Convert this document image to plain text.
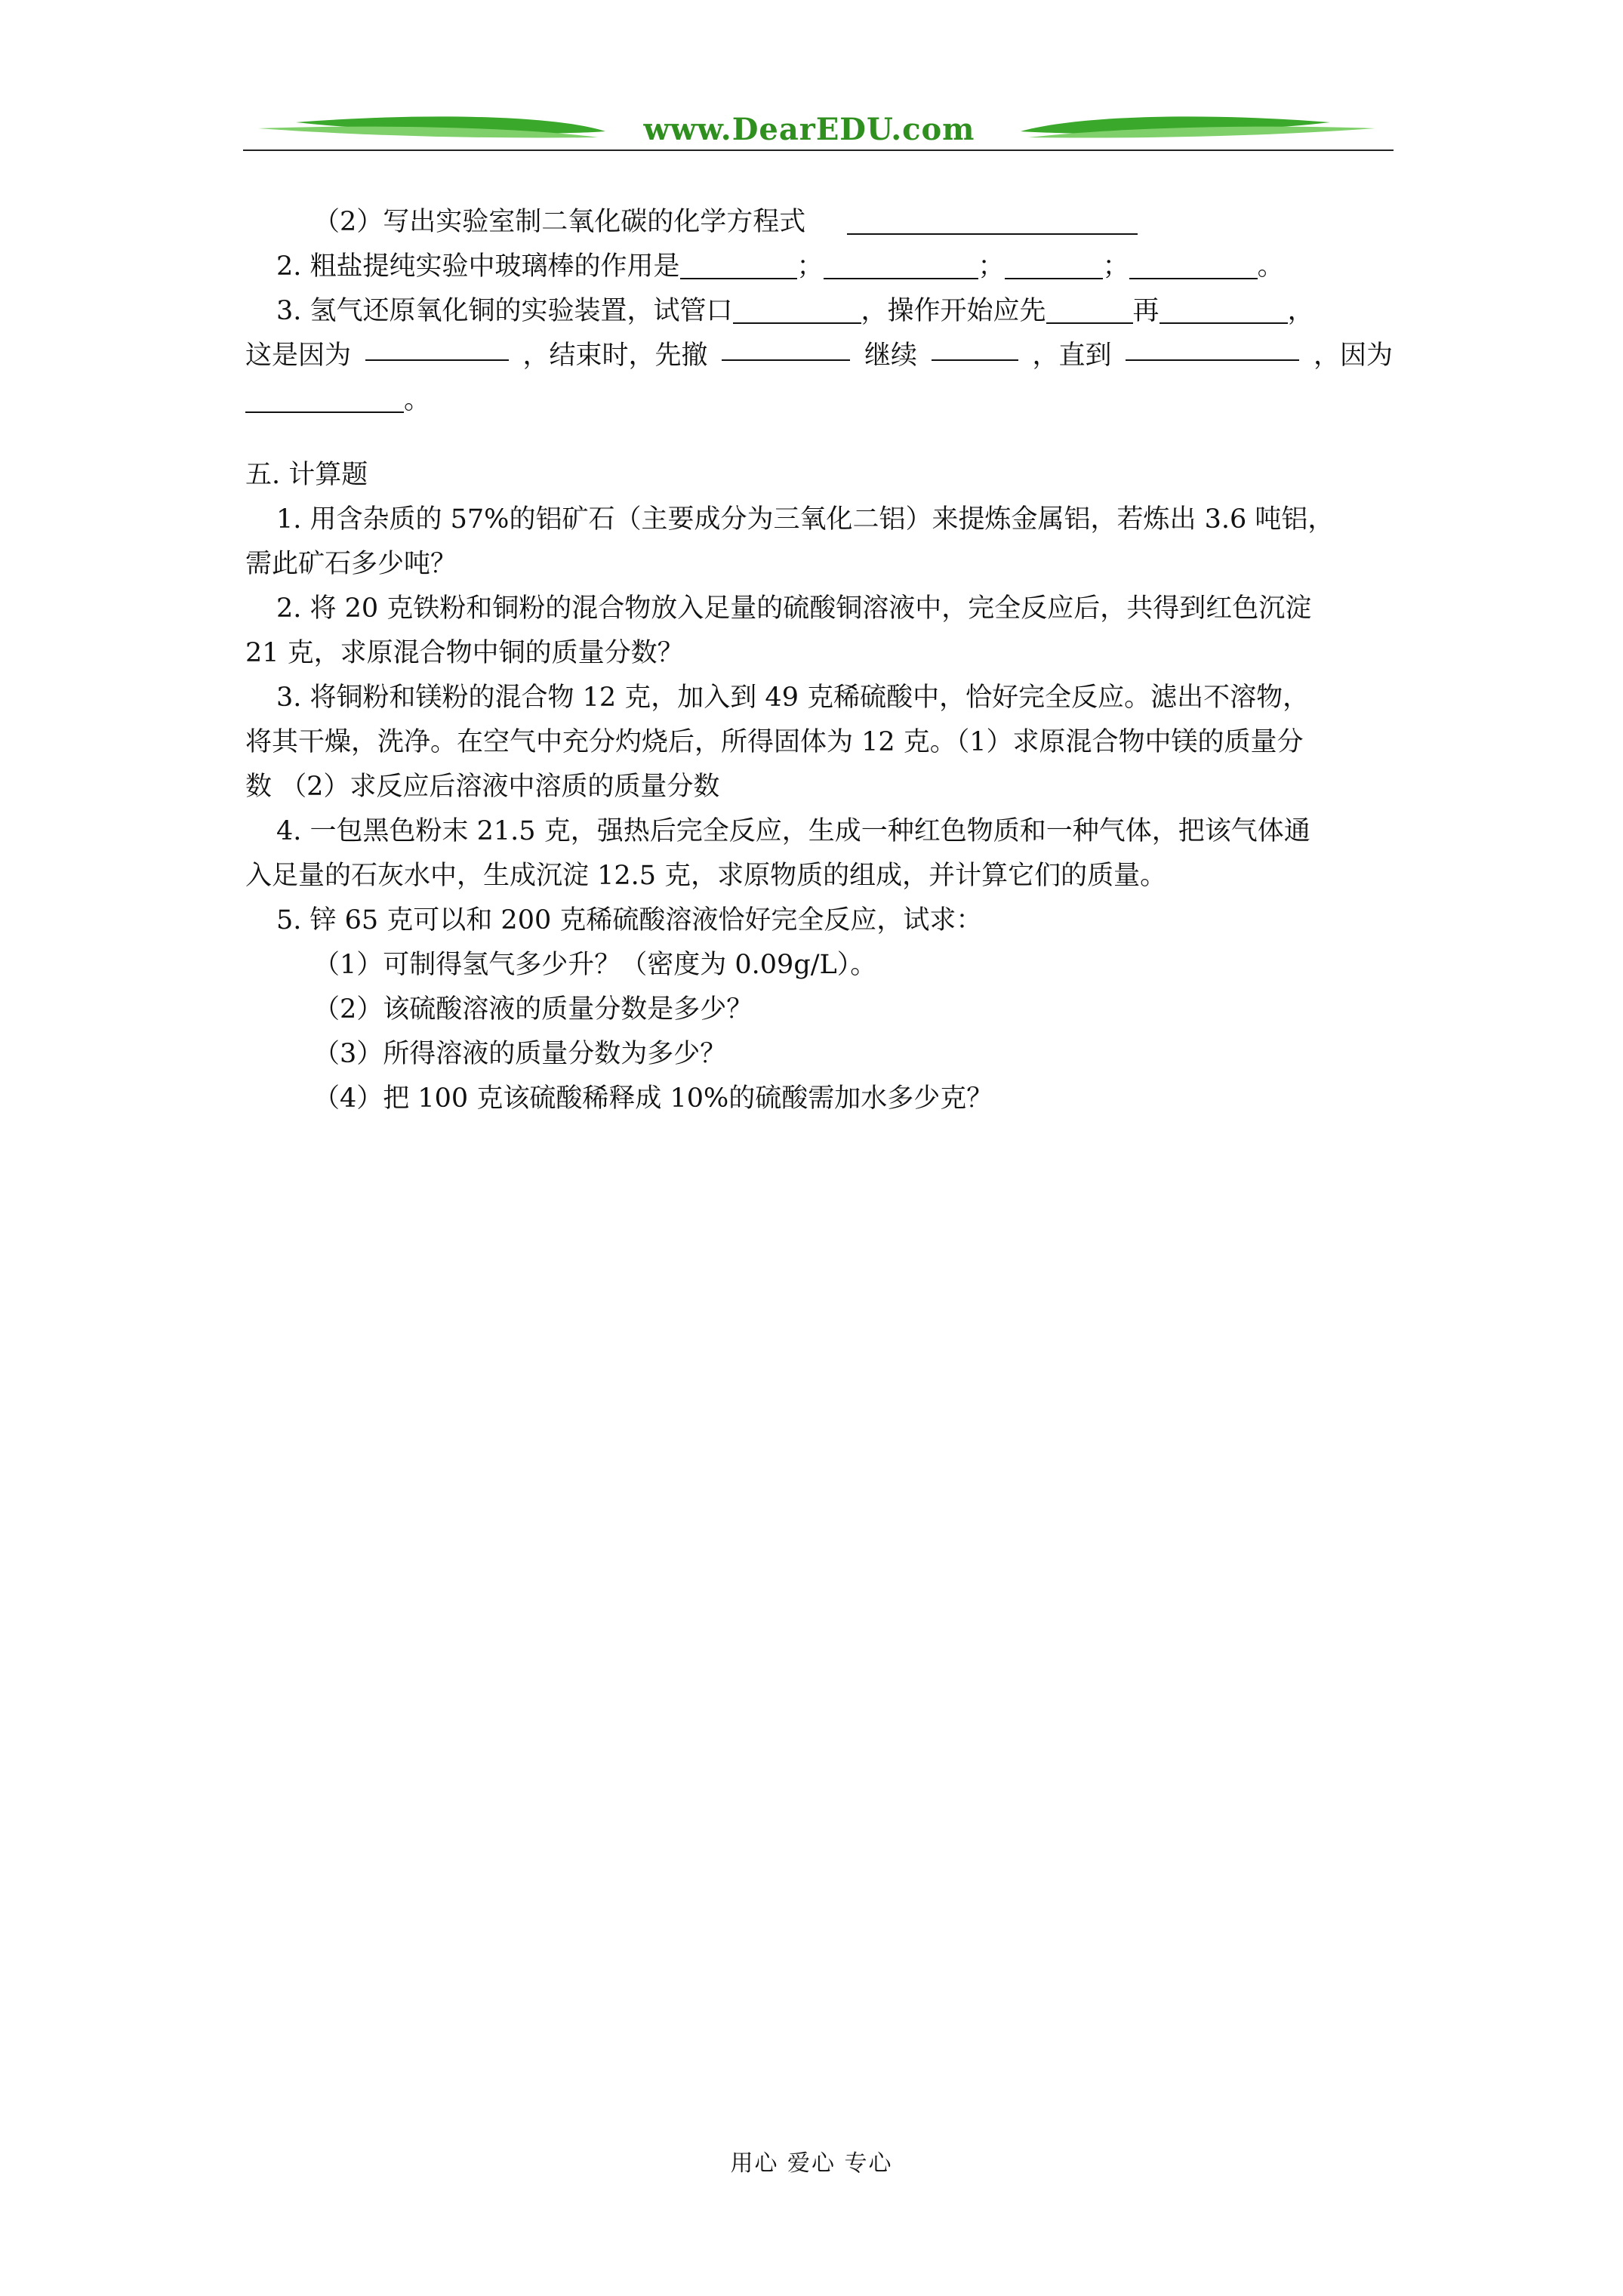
www.DearEDU.com
（2）写出实验室制二氧化碳的化学方程式
2. 粗盐提纯实验中玻璃棒的作用是	；	；	；	。
3. 氢气还原氧化铜的实验装置，试管口	，操作开始应先	再	，
这是因为	，结束时，先撤	继续	，直到	，因为
。
五. 计算题
1. 用含杂质的 57%的铝矿石（主要成分为三氧化二铝）来提炼金属铝，若炼出 3.6 吨铝，
需此矿石多少吨？
2. 将 20 克铁粉和铜粉的混合物放入足量的硫酸铜溶液中，完全反应后，共得到红色沉淀
21 克，求原混合物中铜的质量分数？
3. 将铜粉和镁粉的混合物 12 克，加入到 49 克稀硫酸中，恰好完全反应。滤出不溶物，
将其干燥，洗净。在空气中充分灼烧后，所得固体为 12 克。（1）求原混合物中镁的质量分
数 （2）求反应后溶液中溶质的质量分数
4. 一包黑色粉末 21.5 克，强热后完全反应，生成一种红色物质和一种气体，把该气体通
入足量的石灰水中，生成沉淀 12.5 克，求原物质的组成，并计算它们的质量。
5. 锌 65 克可以和 200 克稀硫酸溶液恰好完全反应，试求：
（1）可制得氢气多少升？（密度为 0.09g/L）。
（2）该硫酸溶液的质量分数是多少？
（3）所得溶液的质量分数为多少？
（4）把 100 克该硫酸稀释成 10%的硫酸需加水多少克？
用心 爱心 专心
